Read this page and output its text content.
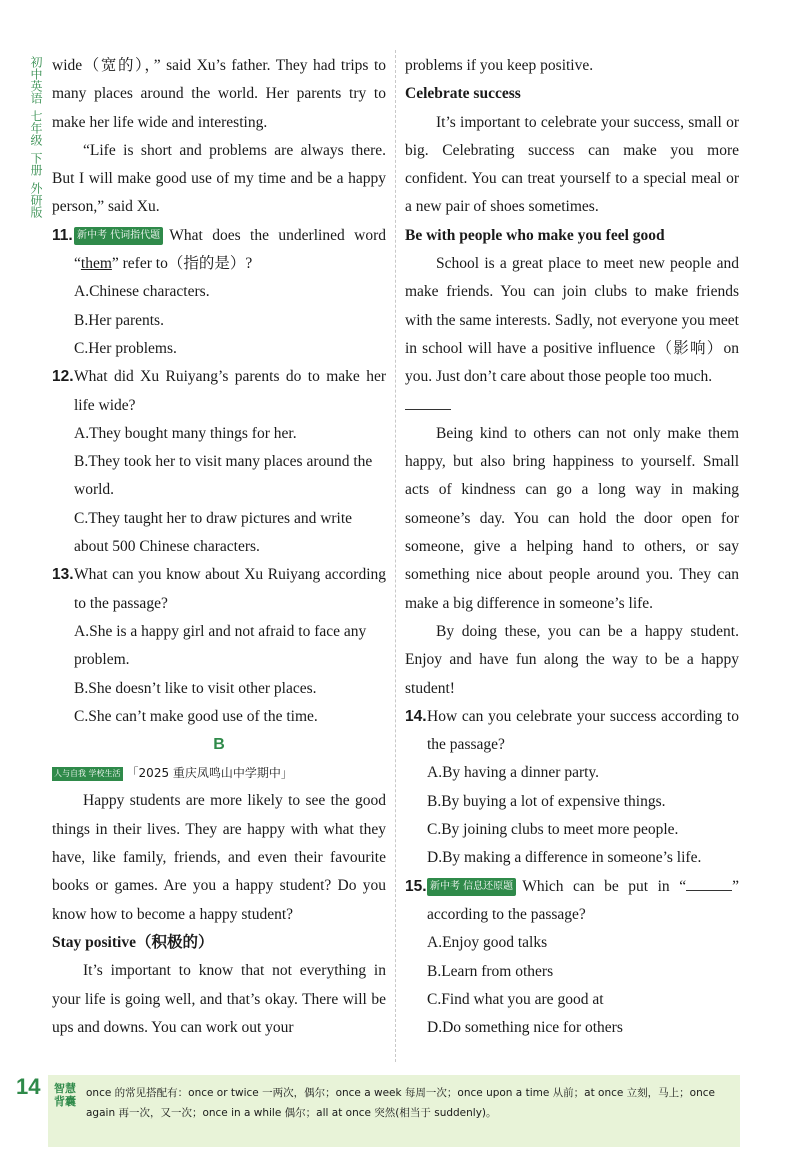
初中英语
七年级
下册
外研版

wide（宽的），” said Xu’s father. They had trips to many places around the world. Her parents try to make her life wide and interesting.

“Life is short and problems are always there. But I will make good use of my time and be a happy person,” said Xu.

11. 新中考 代词指代题 What does the underlined word “them” refer to（指的是）?
A.Chinese characters.
B.Her parents.
C.Her problems.
12. What did Xu Ruiyang’s parents do to make her life wide?
A.They bought many things for her.
B.They took her to visit many places around the world.
C.They taught her to draw pictures and write about 500 Chinese characters.
13. What can you know about Xu Ruiyang according to the passage?
A.She is a happy girl and not afraid to face any problem.
B.She doesn’t like to visit other places.
C.She can’t make good use of the time.
B
人与自我 学校生活 「2025 重庆凤鸣山中学期中」

Happy students are more likely to see the good things in their lives. They are happy with what they have, like family, friends, and even their favourite books or games. Are you a happy student? Do you know how to become a happy student?

Stay positive（积极的）

It’s important to know that not everything in your life is going well, and that’s okay. There will be ups and downs. You can work out your

problems if you keep positive.

Celebrate success

It’s important to celebrate your success, small or big. Celebrating success can make you more confident. You can treat yourself to a special meal or a new pair of shoes sometimes.

Be with people who make you feel good

School is a great place to meet new people and make friends. You can join clubs to make friends with the same interests. Sadly, not everyone you meet in school will have a positive influence（影响）on you. Just don’t care about those people too much.

Being kind to others can not only make them happy, but also bring happiness to yourself. Small acts of kindness can go a long way in making someone’s day. You can hold the door open for someone, give a helping hand to others, or say something nice about people around you. They can make a big difference in someone’s life.

By doing these, you can be a happy student. Enjoy and have fun along the way to be a happy student!

14. How can you celebrate your success according to the passage?
A.By having a dinner party.
B.By buying a lot of expensive things.
C.By joining clubs to meet more people.
D.By making a difference in someone’s life.
15. 新中考 信息还原题 Which can be put in “	” according to the passage?
A.Enjoy good talks
B.Learn from others
C.Find what you are good at
D.Do something nice for others
14	智慧背囊
once 的常见搭配有：once or twice 一两次，偶尔；once a week 每周一次；once upon a time 从前；at once 立刻，马上；once again 再一次，又一次；once in a while 偶尔；all at once 突然(相当于 suddenly)。
